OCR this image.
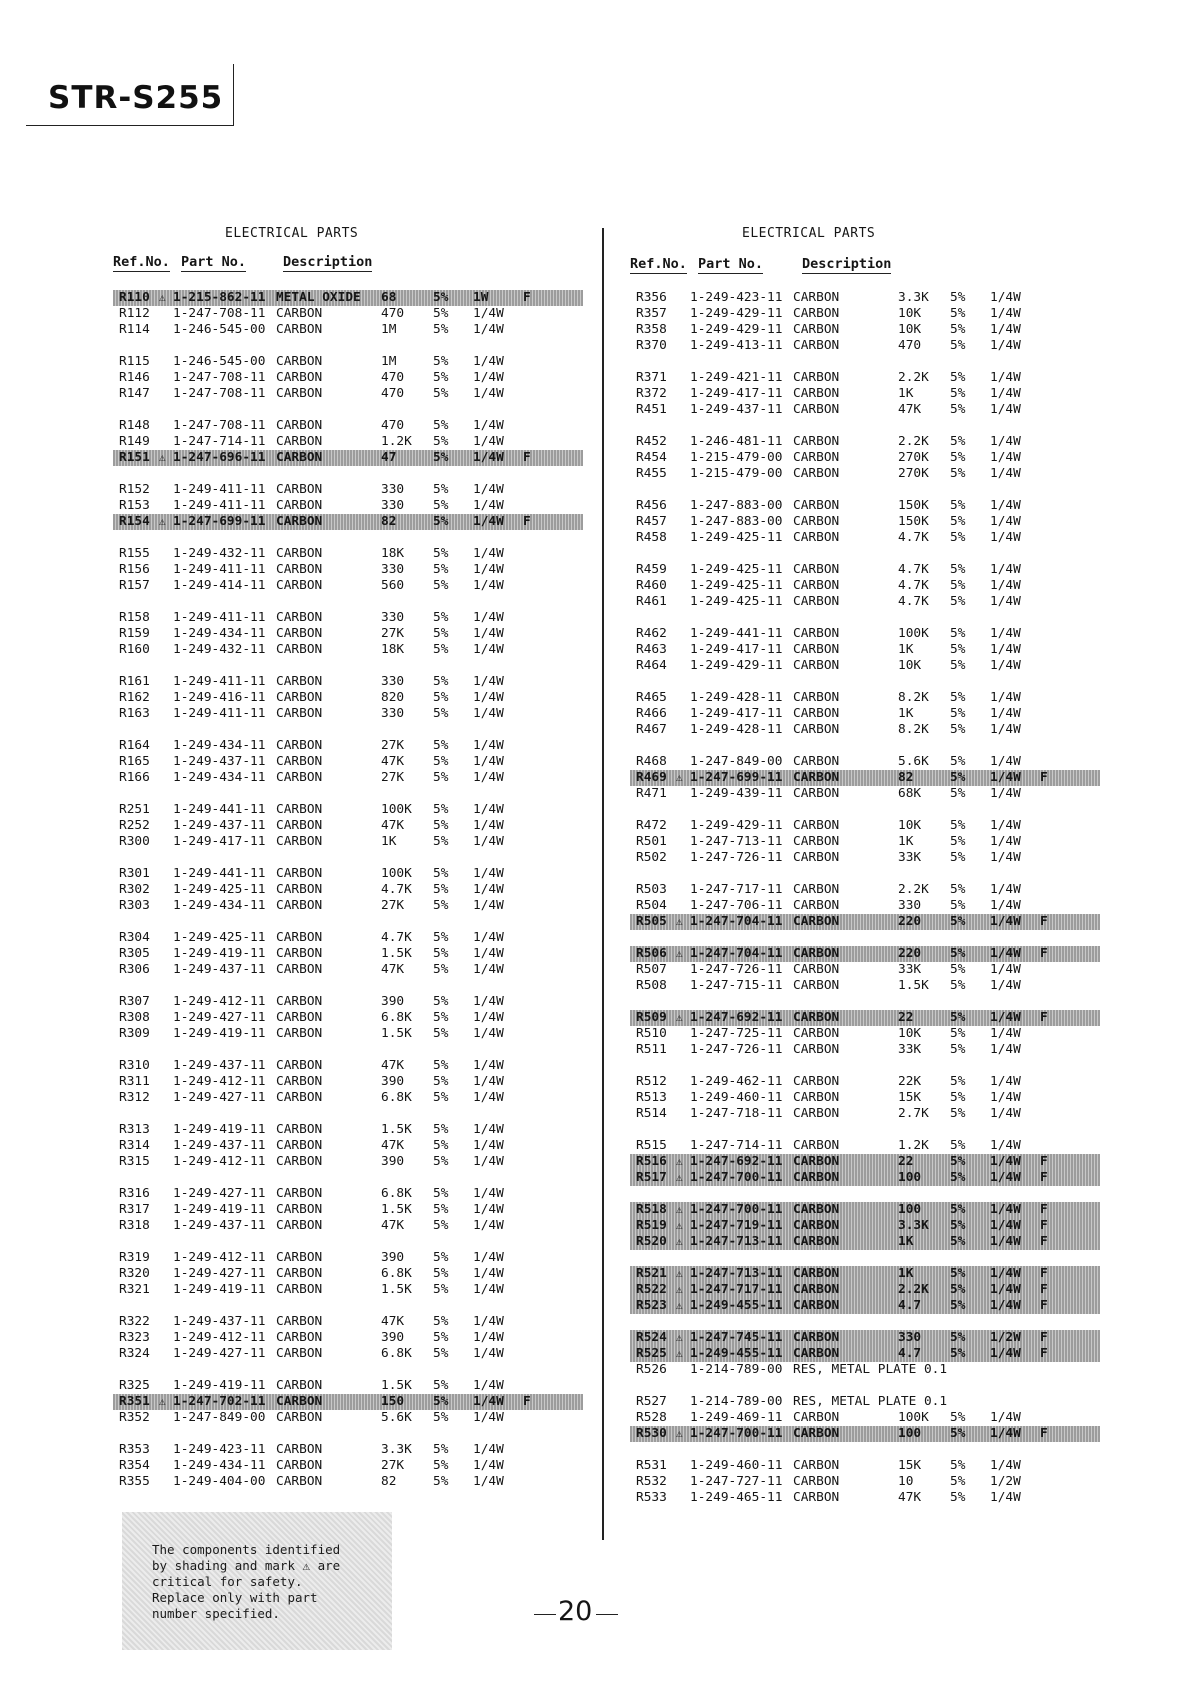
STR-S255
ELECTRICAL PARTS
Ref.No. Part No.	Description
R110 ⚠ 1-215-862-11 METAL OXIDE	68	5%	1W	F
R112	1-247-708-11 CARBON	470	5%	1/4W
R114	1-246-545-00 CARBON	1M	5%	1/4W
R115	1-246-545-00 CARBON	1M	5%	1/4W
R146	1-247-708-11 CARBON	470	5%	1/4W
R147	1-247-708-11 CARBON	470	5%	1/4W
R148	1-247-708-11 CARBON	470	5%	1/4W
R149	1-247-714-11 CARBON	1.2K	5%	1/4W
R151 ⚠ 1-247-696-11 CARBON	47	5%	1/4W	F
R152	1-249-411-11 CARBON	330	5%	1/4W
R153	1-249-411-11 CARBON	330	5%	1/4W
R154 ⚠ 1-247-699-11 CARBON	82	5%	1/4W	F
R155	1-249-432-11 CARBON	18K	5%	1/4W
R156	1-249-411-11 CARBON	330	5%	1/4W
R157	1-249-414-11 CARBON	560	5%	1/4W
R158	1-249-411-11 CARBON	330	5%	1/4W
R159	1-249-434-11 CARBON	27K	5%	1/4W
R160	1-249-432-11 CARBON	18K	5%	1/4W
R161	1-249-411-11 CARBON	330	5%	1/4W
R162	1-249-416-11 CARBON	820	5%	1/4W
R163	1-249-411-11 CARBON	330	5%	1/4W
R164	1-249-434-11 CARBON	27K	5%	1/4W
R165	1-249-437-11 CARBON	47K	5%	1/4W
R166	1-249-434-11 CARBON	27K	5%	1/4W
R251	1-249-441-11 CARBON	100K	5%	1/4W
R252	1-249-437-11 CARBON	47K	5%	1/4W
R300	1-249-417-11 CARBON	1K	5%	1/4W
R301	1-249-441-11 CARBON	100K	5%	1/4W
R302	1-249-425-11 CARBON	4.7K	5%	1/4W
R303	1-249-434-11 CARBON	27K	5%	1/4W
R304	1-249-425-11 CARBON	4.7K	5%	1/4W
R305	1-249-419-11 CARBON	1.5K	5%	1/4W
R306	1-249-437-11 CARBON	47K	5%	1/4W
R307	1-249-412-11 CARBON	390	5%	1/4W
R308	1-249-427-11 CARBON	6.8K	5%	1/4W
R309	1-249-419-11 CARBON	1.5K	5%	1/4W
R310	1-249-437-11 CARBON	47K	5%	1/4W
R311	1-249-412-11 CARBON	390	5%	1/4W
R312	1-249-427-11 CARBON	6.8K	5%	1/4W
R313	1-249-419-11 CARBON	1.5K	5%	1/4W
R314	1-249-437-11 CARBON	47K	5%	1/4W
R315	1-249-412-11 CARBON	390	5%	1/4W
R316	1-249-427-11 CARBON	6.8K	5%	1/4W
R317	1-249-419-11 CARBON	1.5K	5%	1/4W
R318	1-249-437-11 CARBON	47K	5%	1/4W
R319	1-249-412-11 CARBON	390	5%	1/4W
R320	1-249-427-11 CARBON	6.8K	5%	1/4W
R321	1-249-419-11 CARBON	1.5K	5%	1/4W
R322	1-249-437-11 CARBON	47K	5%	1/4W
R323	1-249-412-11 CARBON	390	5%	1/4W
R324	1-249-427-11 CARBON	6.8K	5%	1/4W
R325	1-249-419-11 CARBON	1.5K	5%	1/4W
R351 ⚠ 1-247-702-11 CARBON	150	5%	1/4W	F
R352	1-247-849-00 CARBON	5.6K	5%	1/4W
R353	1-249-423-11 CARBON	3.3K	5%	1/4W
R354	1-249-434-11 CARBON	27K	5%	1/4W
R355	1-249-404-00 CARBON	82	5%	1/4W
ELECTRICAL PARTS
Ref.No. Part No.	Description
R356	1-249-423-11 CARBON	3.3K	5%	1/4W
R357	1-249-429-11 CARBON	10K	5%	1/4W
R358	1-249-429-11 CARBON	10K	5%	1/4W
R370	1-249-413-11 CARBON	470	5%	1/4W
R371	1-249-421-11 CARBON	2.2K	5%	1/4W
R372	1-249-417-11 CARBON	1K	5%	1/4W
R451	1-249-437-11 CARBON	47K	5%	1/4W
R452	1-246-481-11 CARBON	2.2K	5%	1/4W
R454	1-215-479-00 CARBON	270K	5%	1/4W
R455	1-215-479-00 CARBON	270K	5%	1/4W
R456	1-247-883-00 CARBON	150K	5%	1/4W
R457	1-247-883-00 CARBON	150K	5%	1/4W
R458	1-249-425-11 CARBON	4.7K	5%	1/4W
R459	1-249-425-11 CARBON	4.7K	5%	1/4W
R460	1-249-425-11 CARBON	4.7K	5%	1/4W
R461	1-249-425-11 CARBON	4.7K	5%	1/4W
R462	1-249-441-11 CARBON	100K	5%	1/4W
R463	1-249-417-11 CARBON	1K	5%	1/4W
R464	1-249-429-11 CARBON	10K	5%	1/4W
R465	1-249-428-11 CARBON	8.2K	5%	1/4W
R466	1-249-417-11 CARBON	1K	5%	1/4W
R467	1-249-428-11 CARBON	8.2K	5%	1/4W
R468	1-247-849-00 CARBON	5.6K	5%	1/4W
R469 ⚠ 1-247-699-11 CARBON	82	5%	1/4W	F
R471	1-249-439-11 CARBON	68K	5%	1/4W
R472	1-249-429-11 CARBON	10K	5%	1/4W
R501	1-247-713-11 CARBON	1K	5%	1/4W
R502	1-247-726-11 CARBON	33K	5%	1/4W
R503	1-247-717-11 CARBON	2.2K	5%	1/4W
R504	1-247-706-11 CARBON	330	5%	1/4W
R505 ⚠ 1-247-704-11 CARBON	220	5%	1/4W	F
R506 ⚠ 1-247-704-11 CARBON	220	5%	1/4W	F
R507	1-247-726-11 CARBON	33K	5%	1/4W
R508	1-247-715-11 CARBON	1.5K	5%	1/4W
R509 ⚠ 1-247-692-11 CARBON	22	5%	1/4W	F
R510	1-247-725-11 CARBON	10K	5%	1/4W
R511	1-247-726-11 CARBON	33K	5%	1/4W
R512	1-249-462-11 CARBON	22K	5%	1/4W
R513	1-249-460-11 CARBON	15K	5%	1/4W
R514	1-247-718-11 CARBON	2.7K	5%	1/4W
R515	1-247-714-11 CARBON	1.2K	5%	1/4W
R516 ⚠ 1-247-692-11 CARBON	22	5%	1/4W	F
R517 ⚠ 1-247-700-11 CARBON	100	5%	1/4W	F
R518 ⚠ 1-247-700-11 CARBON	100	5%	1/4W	F
R519 ⚠ 1-247-719-11 CARBON	3.3K	5%	1/4W	F
R520 ⚠ 1-247-713-11 CARBON	1K	5%	1/4W	F
R521 ⚠ 1-247-713-11 CARBON	1K	5%	1/4W	F
R522 ⚠ 1-247-717-11 CARBON	2.2K	5%	1/4W	F
R523 ⚠ 1-249-455-11 CARBON	4.7	5%	1/4W	F
R524 ⚠ 1-247-745-11 CARBON	330	5%	1/2W	F
R525 ⚠ 1-249-455-11 CARBON	4.7	5%	1/4W	F
R526	1-214-789-00 RES, METAL PLATE 0.1
R527	1-214-789-00 RES, METAL PLATE 0.1
R528	1-249-469-11 CARBON	100K	5%	1/4W
R530 ⚠ 1-247-700-11 CARBON	100	5%	1/4W	F
R531	1-249-460-11 CARBON	15K	5%	1/4W
R532	1-247-727-11 CARBON	10	5%	1/2W
R533	1-249-465-11 CARBON	47K	5%	1/4W
The components identified
by shading and mark ⚠ are
critical for safety.
Replace only with part
number specified.	20
